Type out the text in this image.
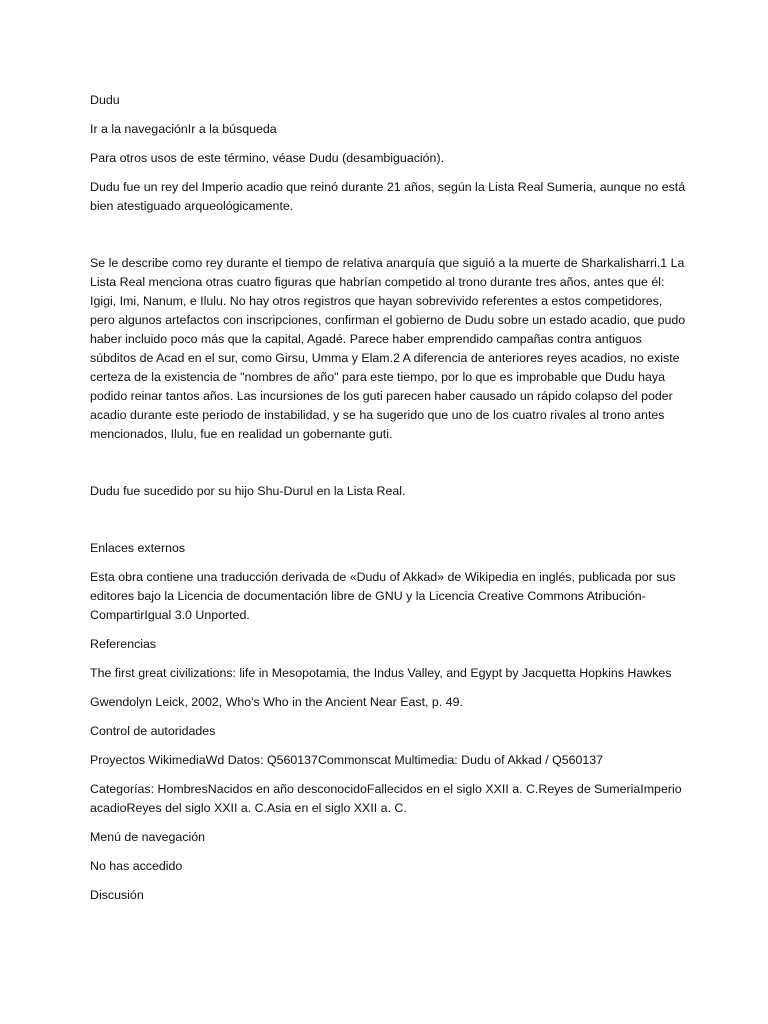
Dudu

Ir a la navegaciónIr a la búsqueda

Para otros usos de este término, véase Dudu (desambiguación).

Dudu fue un rey del Imperio acadio que reinó durante 21 años, según la Lista Real Sumeria, aunque no está bien atestiguado arqueológicamente.

Se le describe como rey durante el tiempo de relativa anarquía que siguió a la muerte de Sharkalisharri.1 La Lista Real menciona otras cuatro figuras que habrían competido al trono durante tres años, antes que él: Igigi, Imi, Nanum, e Ilulu. No hay otros registros que hayan sobrevivido referentes a estos competidores, pero algunos artefactos con inscripciones, confirman el gobierno de Dudu sobre un estado acadio, que pudo haber incluido poco más que la capital, Agadé. Parece haber emprendido campañas contra antiguos súbditos de Acad en el sur, como Girsu, Umma y Elam.2 A diferencia de anteriores reyes acadios, no existe certeza de la existencia de "nombres de año" para este tiempo, por lo que es improbable que Dudu haya podido reinar tantos años. Las incursiones de los guti parecen haber causado un rápido colapso del poder acadio durante este periodo de instabilidad, y se ha sugerido que uno de los cuatro rivales al trono antes mencionados, Ilulu, fue en realidad un gobernante guti.

Dudu fue sucedido por su hijo Shu-Durul en la Lista Real.

Enlaces externos

Esta obra contiene una traducción derivada de «Dudu of Akkad» de Wikipedia en inglés, publicada por sus editores bajo la Licencia de documentación libre de GNU y la Licencia Creative Commons Atribución-CompartirIgual 3.0 Unported.

Referencias

The first great civilizations: life in Mesopotamia, the Indus Valley, and Egypt by Jacquetta Hopkins Hawkes

Gwendolyn Leick, 2002, Who's Who in the Ancient Near East, p. 49.

Control de autoridades

Proyectos WikimediaWd Datos: Q560137Commonscat Multimedia: Dudu of Akkad / Q560137

Categorías: HombresNacidos en año desconocidoFallecidos en el siglo XXII a. C.Reyes de SumeriaImperio acadioReyes del siglo XXII a. C.Asia en el siglo XXII a. C.

Menú de navegación

No has accedido

Discusión
